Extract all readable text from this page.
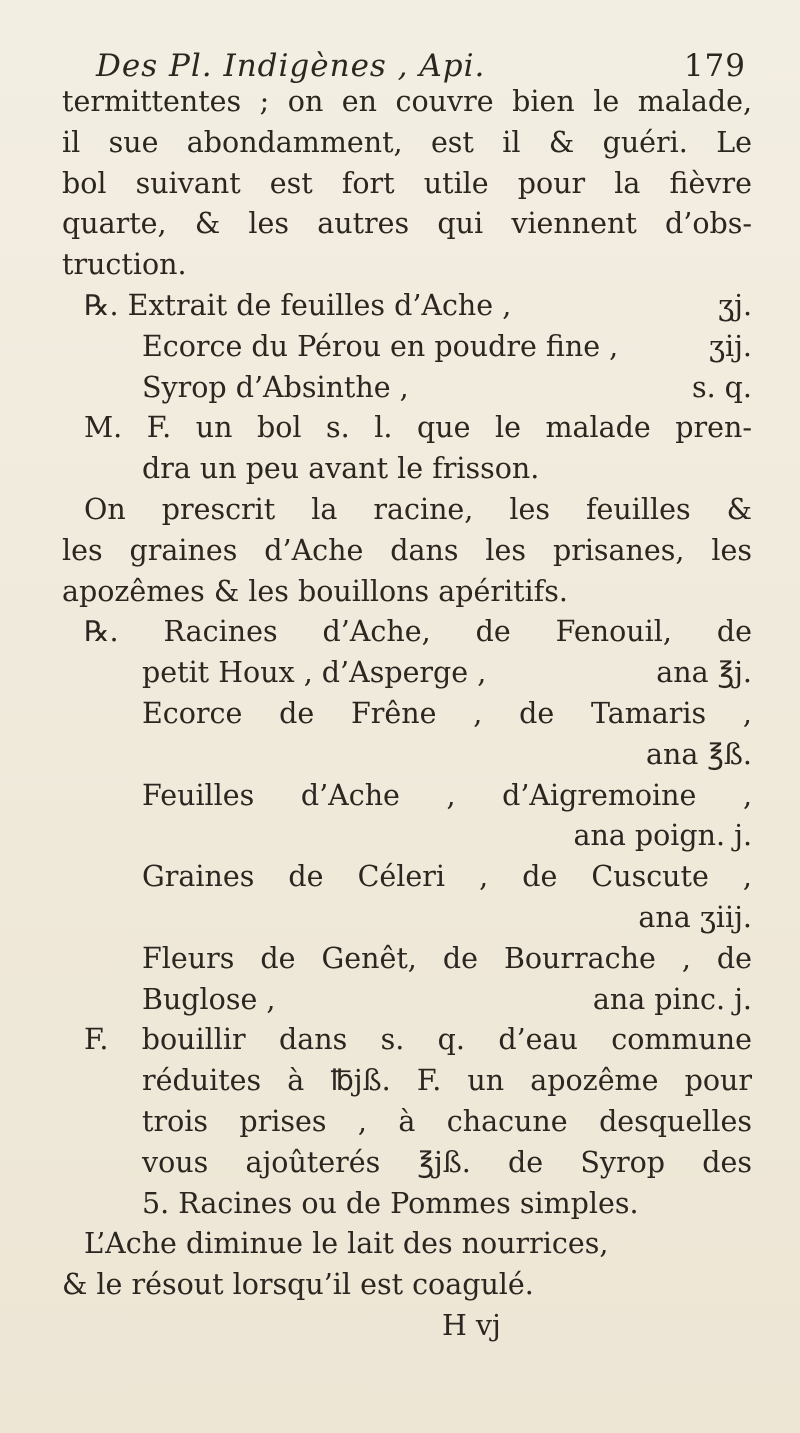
Des Pl. Indigènes , Api.	179
termittentes ; on en couvre bien le malade,
il sue abondamment, est il & guéri. Le
bol suivant est fort utile pour la fièvre
quarte, & les autres qui viennent d’obs-
truction.
℞. Extrait de feuilles d’Ache ,	ʒj.
Ecorce du Pérou en poudre fine ,	ʒij.
Syrop d’Absinthe ,	s. q.
M. F. un bol s. l. que le malade pren-
dra un peu avant le frisson.
On prescrit la racine, les feuilles &
les graines d’Ache dans les prisanes, les
apozêmes & les bouillons apéritifs.
℞. Racines d’Ache, de Fenouil, de
petit Houx , d’Asperge ,	ana ℥j.
Ecorce de Frêne , de Tamaris ,
ana ℥ß.
Feuilles d’Ache , d’Aigremoine ,
ana poign. j.
Graines de Céleri , de Cuscute ,
ana ʒiij.
Fleurs de Genêt, de Bourrache , de
Buglose ,	ana pinc. j.
F. bouillir dans s. q. d’eau commune
réduites à ℔jß. F. un apozême pour
trois prises , à chacune desquelles
vous ajoûterés ℥jß. de Syrop des
5. Racines ou de Pommes simples.
L’Ache diminue le lait des nourrices,
& le résout lorsqu’il est coagulé.
H vj
